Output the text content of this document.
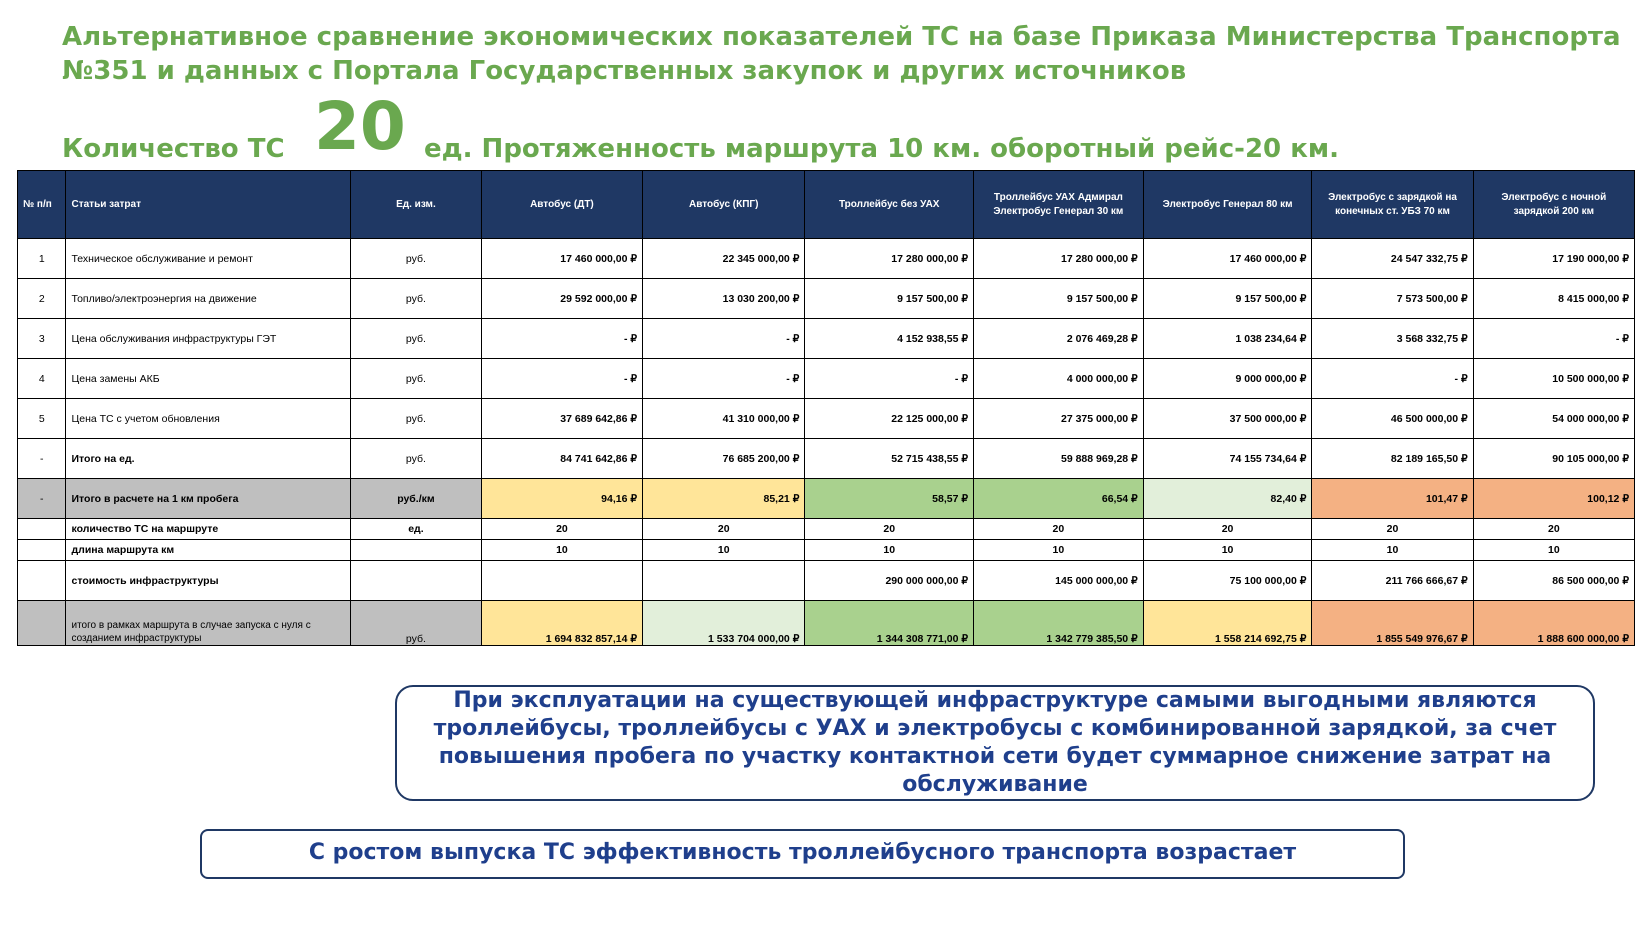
Альтернативное сравнение экономических показателей ТС на базе Приказа Министерства Транспорта №351 и данных с Портала Государственных закупок и других источников
Количество ТС 20 ед. Протяженность маршрута 10 км. оборотный рейс-20 км.
№ п/п	Статьи затрат	Ед. изм.	Автобус (ДТ)	Автобус (КПГ)	Троллейбус без УАХ	Троллейбус УАХ Адмирал Электробус Генерал 30 км	Электробус Генерал 80 км	Электробус с зарядкой на конечных ст. УБЗ 70 км	Электробус с ночной зарядкой 200 км
1	Техническое обслуживание и ремонт	руб.	17 460 000,00 ₽	22 345 000,00 ₽	17 280 000,00 ₽	17 280 000,00 ₽	17 460 000,00 ₽	24 547 332,75 ₽	17 190 000,00 ₽
2	Топливо/электроэнергия на движение	руб.	29 592 000,00 ₽	13 030 200,00 ₽	9 157 500,00 ₽	9 157 500,00 ₽	9 157 500,00 ₽	7 573 500,00 ₽	8 415 000,00 ₽
3	Цена обслуживания инфраструктуры ГЭТ	руб.	- ₽	- ₽	4 152 938,55 ₽	2 076 469,28 ₽	1 038 234,64 ₽	3 568 332,75 ₽	- ₽
4	Цена замены АКБ	руб.	- ₽	- ₽	- ₽	4 000 000,00 ₽	9 000 000,00 ₽	- ₽	10 500 000,00 ₽
5	Цена ТС с учетом обновления	руб.	37 689 642,86 ₽	41 310 000,00 ₽	22 125 000,00 ₽	27 375 000,00 ₽	37 500 000,00 ₽	46 500 000,00 ₽	54 000 000,00 ₽
-	Итого на ед.	руб.	84 741 642,86 ₽	76 685 200,00 ₽	52 715 438,55 ₽	59 888 969,28 ₽	74 155 734,64 ₽	82 189 165,50 ₽	90 105 000,00 ₽
-	Итого в расчете на 1 км пробега	руб./км	94,16 ₽	85,21 ₽	58,57 ₽	66,54 ₽	82,40 ₽	101,47 ₽	100,12 ₽
	количество ТС на маршруте	ед.	20	20	20	20	20	20	20
	длина маршрута км		10	10	10	10	10	10	10
	стоимость инфраструктуры				290 000 000,00 ₽	145 000 000,00 ₽	75 100 000,00 ₽	211 766 666,67 ₽	86 500 000,00 ₽
	итого в рамках маршрута в случае запуска с нуля с созданием инфраструктуры	руб.	1 694 832 857,14 ₽	1 533 704 000,00 ₽	1 344 308 771,00 ₽	1 342 779 385,50 ₽	1 558 214 692,75 ₽	1 855 549 976,67 ₽	1 888 600 000,00 ₽
При эксплуатации на существующей инфраструктуре самыми выгодными являются троллейбусы, троллейбусы с УАХ и электробусы с комбинированной зарядкой, за счет повышения пробега по участку контактной сети будет суммарное снижение затрат на обслуживание
С ростом выпуска ТС эффективность троллейбусного транспорта возрастает
